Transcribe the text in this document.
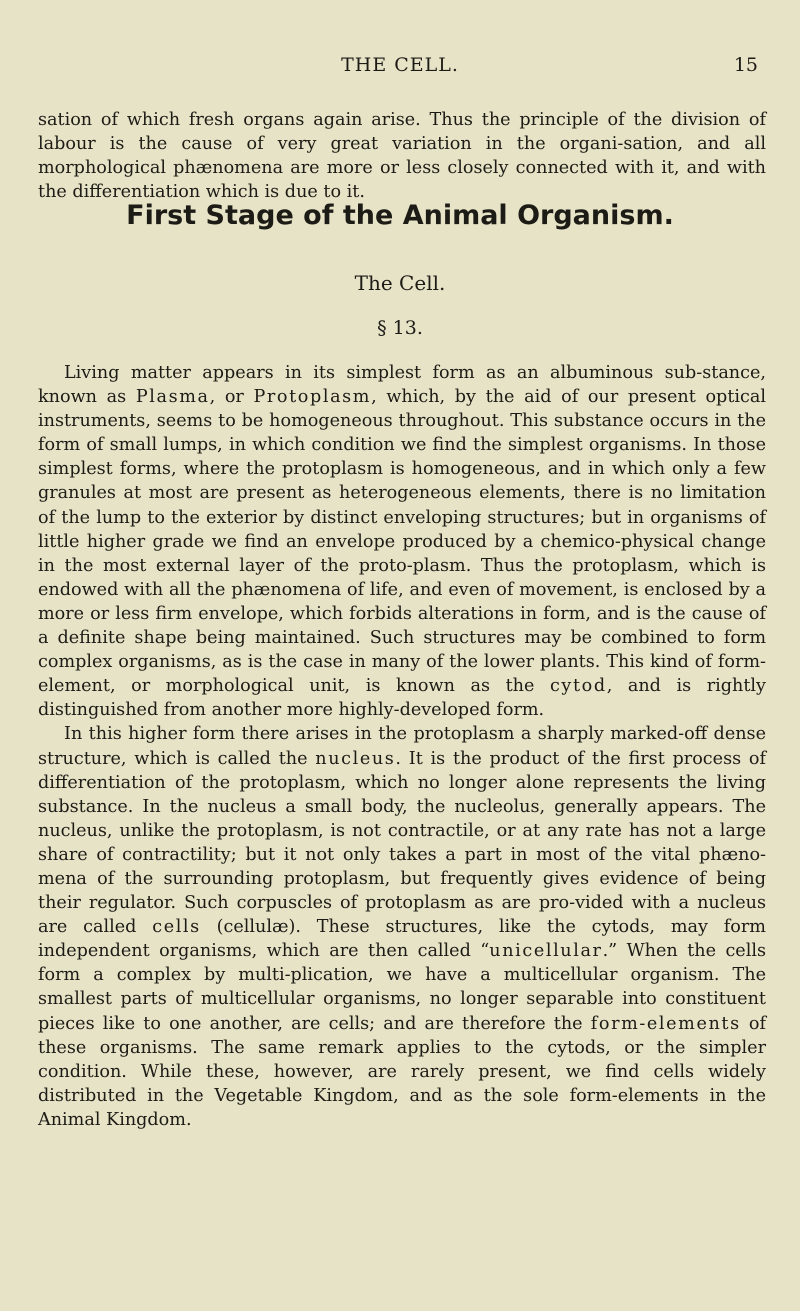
THE CELL.	15

sation of which fresh organs again arise. Thus the principle of the division of labour is the cause of very great variation in the organi-sation, and all morphological phænomena are more or less closely connected with it, and with the differentiation which is due to it.

First Stage of the Animal Organism.
The Cell.
§ 13.

Living matter appears in its simplest form as an albuminous sub-stance, known as Plasma, or Protoplasm, which, by the aid of our present optical instruments, seems to be homogeneous throughout. This substance occurs in the form of small lumps, in which condition we find the simplest organisms. In those simplest forms, where the protoplasm is homogeneous, and in which only a few granules at most are present as heterogeneous elements, there is no limitation of the lump to the exterior by distinct enveloping structures; but in organisms of little higher grade we find an envelope produced by a chemico-physical change in the most external layer of the proto-plasm. Thus the protoplasm, which is endowed with all the phænomena of life, and even of movement, is enclosed by a more or less firm envelope, which forbids alterations in form, and is the cause of a definite shape being maintained. Such structures may be combined to form complex organisms, as is the case in many of the lower plants. This kind of form-element, or morphological unit, is known as the cytod, and is rightly distinguished from another more highly-developed form.

In this higher form there arises in the protoplasm a sharply marked-off dense structure, which is called the nucleus. It is the product of the first process of differentiation of the protoplasm, which no longer alone represents the living substance. In the nucleus a small body, the nucleolus, generally appears. The nucleus, unlike the protoplasm, is not contractile, or at any rate has not a large share of contractility; but it not only takes a part in most of the vital phæno-mena of the surrounding protoplasm, but frequently gives evidence of being their regulator. Such corpuscles of protoplasm as are pro-vided with a nucleus are called cells (cellulæ). These structures, like the cytods, may form independent organisms, which are then called “unicellular.” When the cells form a complex by multi-plication, we have a multicellular organism. The smallest parts of multicellular organisms, no longer separable into constituent pieces like to one another, are cells; and are therefore the form-elements of these organisms. The same remark applies to the cytods, or the simpler condition. While these, however, are rarely present, we find cells widely distributed in the Vegetable Kingdom, and as the sole form-elements in the Animal Kingdom.
